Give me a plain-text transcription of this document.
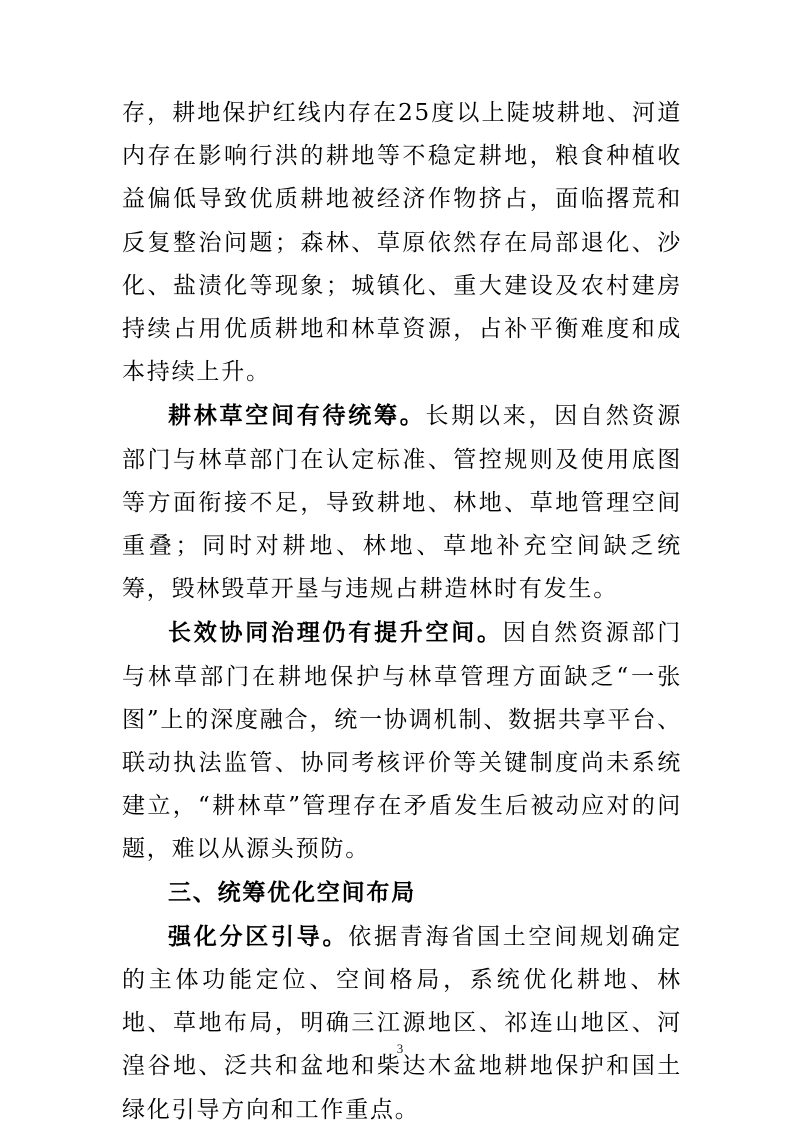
存，耕地保护红线内存在25度以上陡坡耕地、河道内存在影响行洪的耕地等不稳定耕地，粮食种植收益偏低导致优质耕地被经济作物挤占，面临撂荒和反复整治问题；森林、草原依然存在局部退化、沙化、盐渍化等现象；城镇化、重大建设及农村建房持续占用优质耕地和林草资源，占补平衡难度和成本持续上升。

耕林草空间有待统筹。长期以来，因自然资源部门与林草部门在认定标准、管控规则及使用底图等方面衔接不足，导致耕地、林地、草地管理空间重叠；同时对耕地、林地、草地补充空间缺乏统筹，毁林毁草开垦与违规占耕造林时有发生。

长效协同治理仍有提升空间。因自然资源部门与林草部门在耕地保护与林草管理方面缺乏“一张图”上的深度融合，统一协调机制、数据共享平台、联动执法监管、协同考核评价等关键制度尚未系统建立，“耕林草”管理存在矛盾发生后被动应对的问题，难以从源头预防。

三、统筹优化空间布局

强化分区引导。依据青海省国土空间规划确定的主体功能定位、空间格局，系统优化耕地、林地、草地布局，明确三江源地区、祁连山地区、河湟谷地、泛共和盆地和柴达木盆地耕地保护和国土绿化引导方向和工作重点。

3
